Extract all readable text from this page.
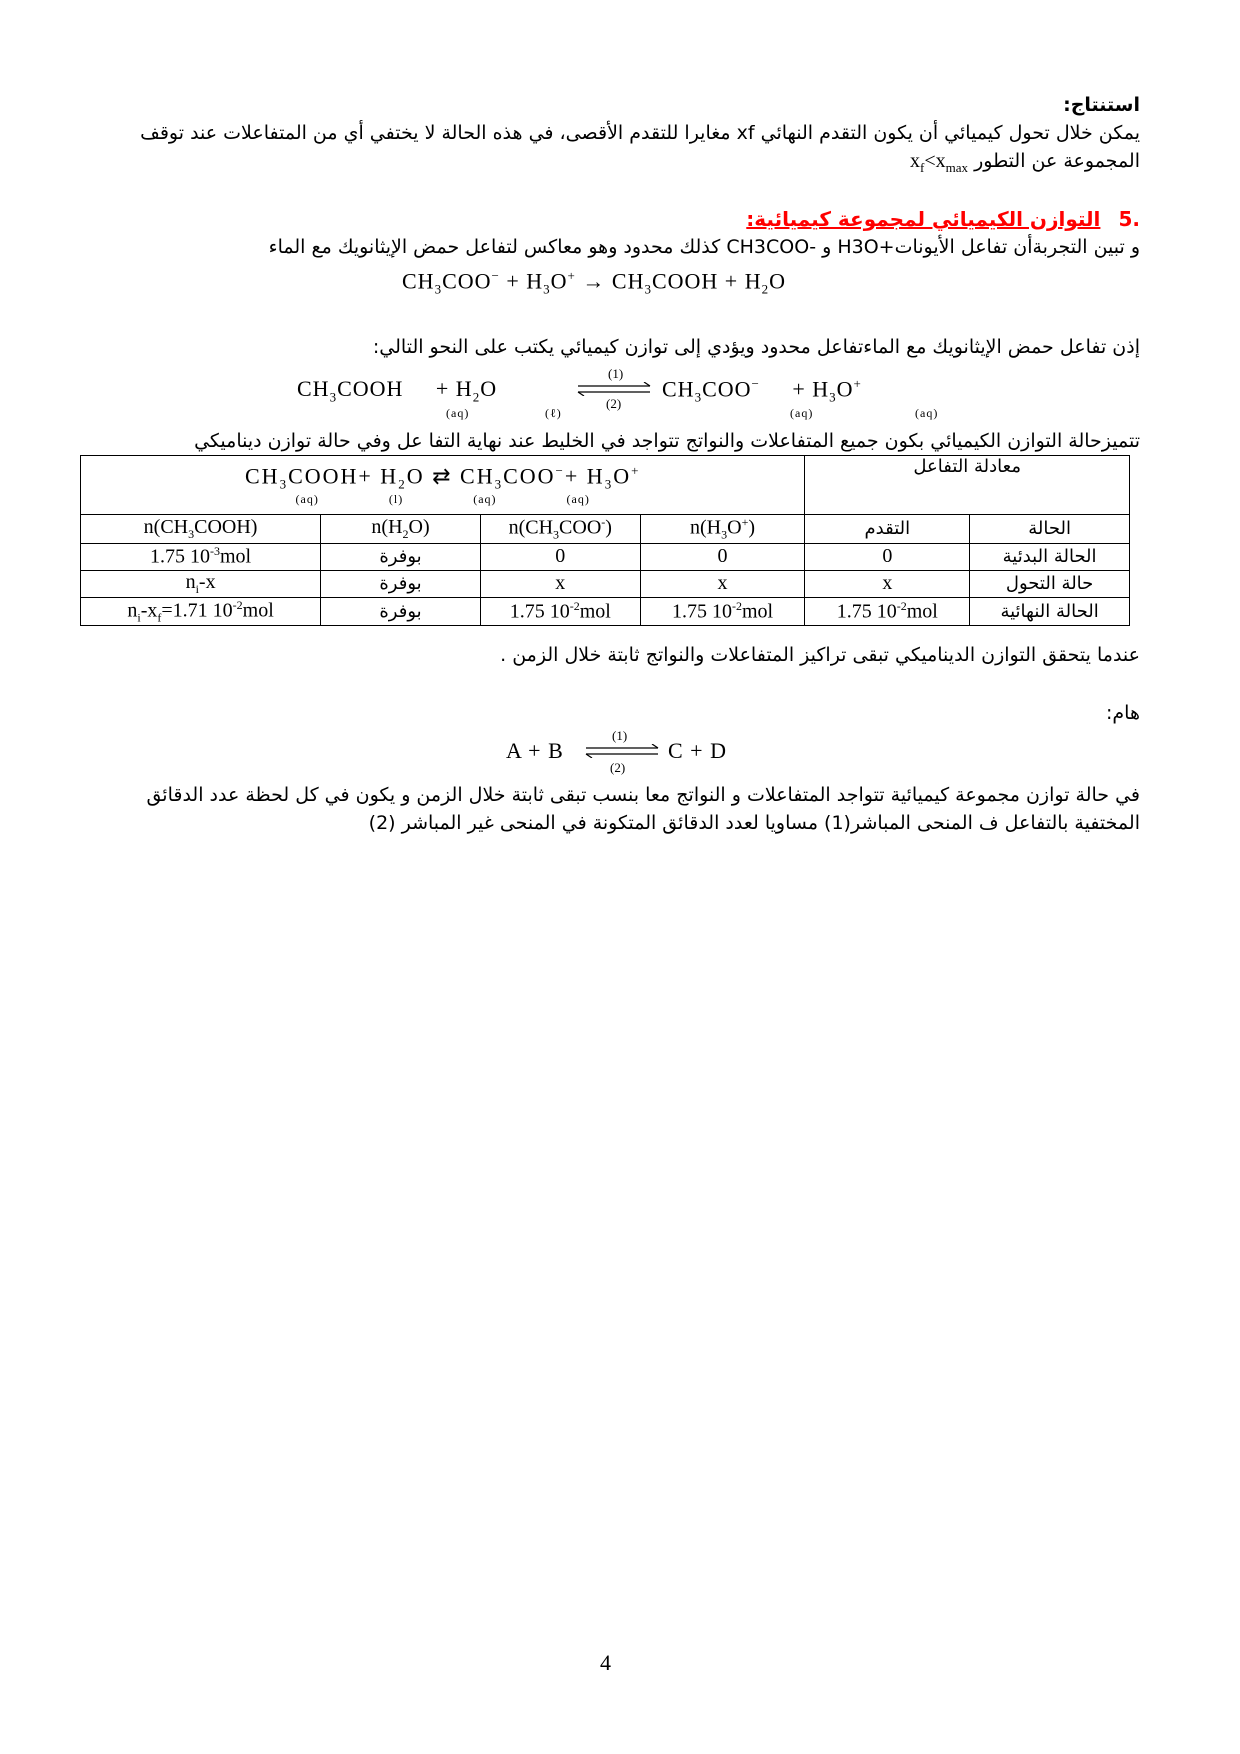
استنتاج:
يمكن خلال تحول كيميائي أن يكون التقدم النهائي xf مغايرا للتقدم الأقصى، في هذه الحالة لا يختفي أي من المتفاعلات عند توقف
المجموعة عن التطور $x_f<x_{max}$
.5 التوازن الكيميائي لمجموعة كيميائية:
و تبين التجربةأن تفاعل الأيونات+H3O و -CH3COO كذلك محدود وهو معاكس لتفاعل حمض الإيثانويك مع الماء
$CH_3COO^- + H_3O^+$ → $CH_3COOH + H_2O$
إذن تفاعل حمض الإيثانويك مع الماءتفاعل محدود ويؤدي إلى توازن كيميائي يكتب على النحو التالي:
$CH_3COOH$     + $H_2O$
(1)
(2)
$CH_3COO^-$     + $H_3O^+$
(aq)	(ℓ)	(aq)	(aq)
تتميزحالة التوازن الكيميائي بكون جميع المتفاعلات والنواتج تتواجد في الخليط عند نهاية التفا عل وفي حالة توازن ديناميكي
$CH_3COOH+ H_2O$ ⇄ $CH_3COO^-+ H_3O^+$
(aq) (l) (aq) (aq)				معادلة التفاعل	
$n(CH_3COOH)$	$n(H_2O)$	$n(CH_3COO^-)$	$n(H_3O^+)$	التقدم	الحالة
1.75 $10^{-3}mol$	بوفرة	0	0	0	الحالة البدئية
$n_i-x$	بوفرة	x	x	x	حالة التحول
$n_i-x_f=1.71$ $10^{-2}mol$	بوفرة	1.75 $10^{-2}mol$	1.75 $10^{-2}mol$	1.75 $10^{-2}mol$	الحالة النهائية
عندما يتحقق التوازن الديناميكي تبقى تراكيز المتفاعلات والنواتج ثابتة خلال الزمن .
هام:
A + B
(1)
(2)
C + D
في حالة توازن مجموعة كيميائية تتواجد المتفاعلات و النواتج معا بنسب تبقى ثابتة خلال الزمن و يكون في كل لحظة عدد الدقائق
المختفية بالتفاعل ف المنحى المباشر(1) مساويا لعدد الدقائق المتكونة في المنحى غير المباشر (2)
4
